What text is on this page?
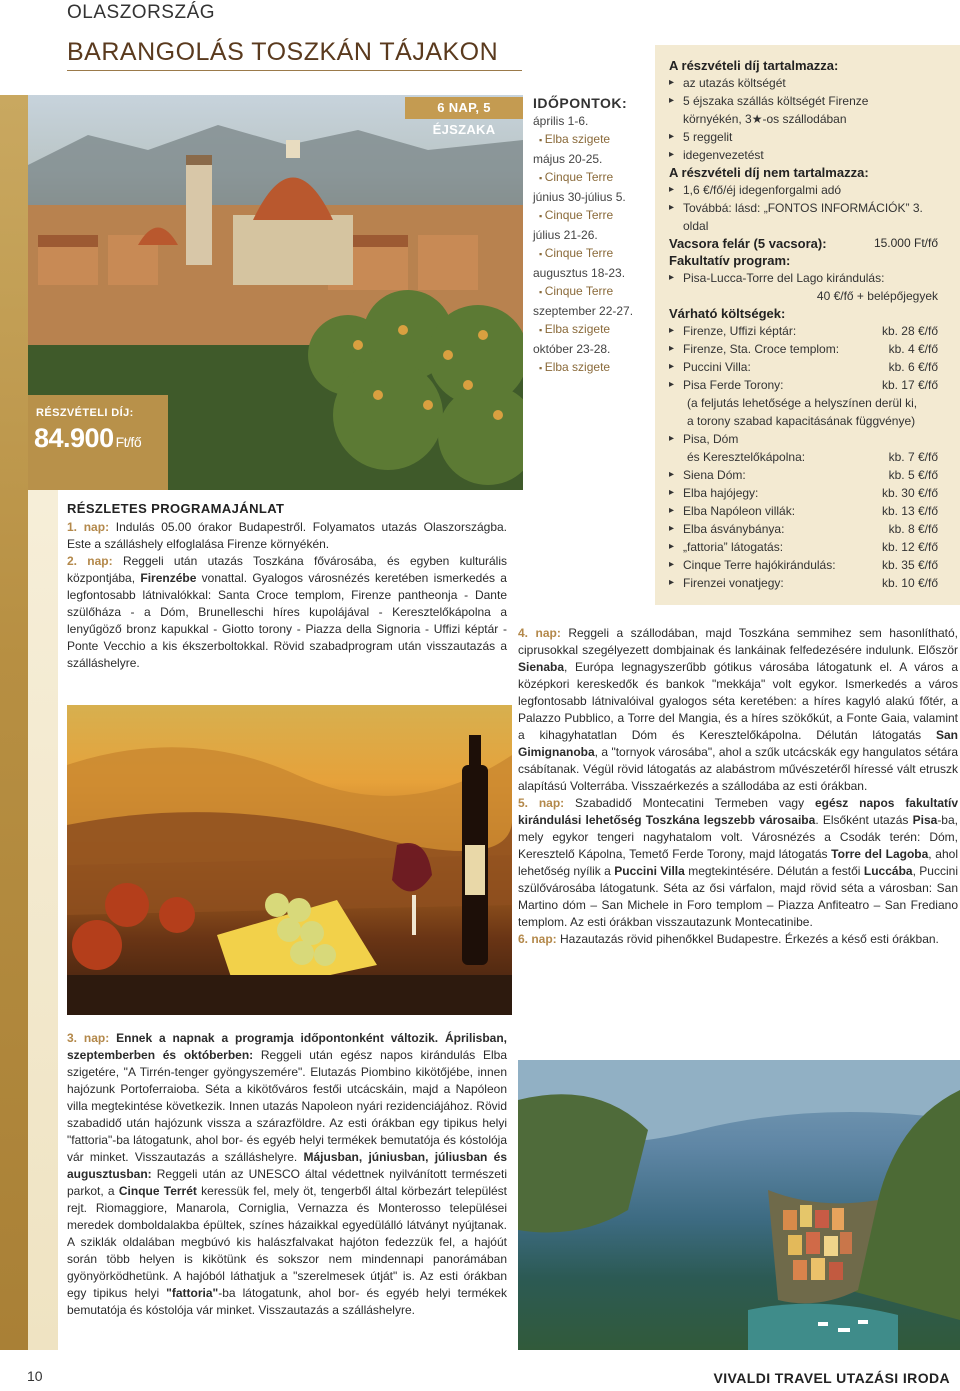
OLASZORSZÁG
BARANGOLÁS TOSZKÁN TÁJAKON
6 NAP, 5 ÉJSZAKA
RÉSZVÉTELI DÍJ:
84.900 Ft/fő
IDŐPONTOK:
április 1-6.
▪ Elba szigete
május 20-25.
▪ Cinque Terre
június 30-július 5.
▪ Cinque Terre
július 21-26.
▪ Cinque Terre
augusztus 18-23.
▪ Cinque Terre
szeptember 22-27.
▪ Elba szigete
október 23-28.
▪ Elba szigete
A részvételi díj tartalmazza:
▸ az utazás költségét
▸ 5 éjszaka szállás költségét Firenze
környékén, 3★-os szállodában
▸ 5 reggelit
▸ idegenvezetést
A részvételi díj nem tartalmazza:
▸ 1,6 €/fő/éj idegenforgalmi adó
▸ Továbbá: lásd: „FONTOS INFORMÁCIÓK” 3. oldal
Vacsora felár (5 vacsora):	15.000 Ft/fő
Fakultatív program:
▸ Pisa-Lucca-Torre del Lago kirándulás:
40 €/fő + belépőjegyek
Várható költségek:
▸ Firenze, Uffizi képtár:	kb. 28 €/fő
▸ Firenze, Sta. Croce templom:	kb. 4 €/fő
▸ Puccini Villa:	kb. 6 €/fő
▸ Pisa Ferde Torony:	kb. 17 €/fő
(a feljutás lehetősége a helyszínen derül ki,
a torony szabad kapacitásának függvénye)
▸ Pisa, Dóm
és Keresztelőkápolna:	kb. 7 €/fő
▸ Siena Dóm:	kb. 5 €/fő
▸ Elba hajójegy:	kb. 30 €/fő
▸ Elba Napóleon villák:	kb. 13 €/fő
▸ Elba ásványbánya:	kb. 8 €/fő
▸ „fattoria” látogatás:	kb. 12 €/fő
▸ Cinque Terre hajókirándulás:	kb. 35 €/fő
▸ Firenzei vonatjegy:	kb. 10 €/fő
RÉSZLETES PROGRAMAJÁNLAT

1. nap: Indulás 05.00 órakor Budapestről. Folyamatos utazás Olaszországba. Este a szálláshely elfoglalása Firenze környékén.

2. nap: Reggeli után utazás Toszkána fővárosába, és egyben kulturális központjába, Firenzébe vonattal. Gyalogos városnézés keretében ismerkedés a legfontosabb látnivalókkal: Santa Croce templom, Firenze pantheonja - Dante szülőháza - a Dóm, Brunelleschi híres kupolájával - Keresztelőkápolna a lenyűgöző bronz kapukkal - Giotto torony - Piazza della Signoria - Uffizi képtár - Ponte Vecchio a kis ékszerboltokkal. Rövid szabadprogram után visszautazás a szálláshelyre.

3. nap: Ennek a napnak a programja időpontonként változik. Áprilisban, szeptemberben és októberben: Reggeli után egész napos kirándulás Elba szigetére, "A Tirrén-tenger gyöngyszemére". Elutazás Piombino kikötőjébe, innen hajózunk Portoferraioba. Séta a kikötőváros festői utcácskáin, majd a Napóleon villa megtekintése következik. Innen utazás Napoleon nyári rezidenciájához. Rövid szabadidő után hajózunk vissza a szárazföldre. Az esti órákban egy tipikus helyi "fattoria"-ba látogatunk, ahol bor- és egyéb helyi termékek bemutatója és kóstolója vár minket. Visszautazás a szálláshelyre. Májusban, júniusban, júliusban és augusztusban: Reggeli után az UNESCO által védettnek nyilvánított természeti parkot, a Cinque Terrét keressük fel, mely öt, tengerből által körbezárt települést rejt. Riomaggiore, Manarola, Corniglia, Vernazza és Monterosso települései meredek domboldalakba épültek, színes házaikkal egyedülálló látványt nyújtanak. A sziklák oldalában megbúvó kis halászfalvakat hajóton fedezzük fel, a hajóút során több helyen is kikötünk és sokszor nem mindennapi panorámában gyönyörködhetünk. A hajóból láthatjuk a "szerelmesek útját" is. Az esti órákban egy tipikus helyi "fattoria"-ba látogatunk, ahol bor- és egyéb helyi termékek bemutatója és kóstolója vár minket. Visszautazás a szálláshelyre.

4. nap: Reggeli a szállodában, majd Toszkána semmihez sem hasonlítható, ciprusokkal szegélyezett dombjainak és lankáinak felfedezésére indulunk. Először Sienaba, Európa legnagyszerűbb gótikus városába látogatunk el. A város a középkori kereskedők és bankok "mekkája" volt egykor. Ismerkedés a város legfontosabb látnivalóival gyalogos séta keretében: a híres kagyló alakú főtér, a Palazzo Pubblico, a Torre del Mangia, és a híres szökőkút, a Fonte Gaia, valamint a kihagyhatatlan Dóm és Keresztelőkápolna. Délután látogatás San Gimignanoba, a "tornyok városába", ahol a szűk utcácskák egy hangulatos sétára csábítanak. Végül rövid látogatás az alabástrom művészetéről híressé vált etruszk alapítású Volterrába. Visszaérkezés a szállodába az esti órákban.

5. nap: Szabadidő Montecatini Termeben vagy egész napos fakultatív kirándulási lehetőség Toszkána legszebb városaiba. Elsőként utazás Pisa-ba, mely egykor tengeri nagyhatalom volt. Városnézés a Csodák terén: Dóm, Keresztelő Kápolna, Temető Ferde Torony, majd látogatás Torre del Lagoba, ahol lehetőség nyílik a Puccini Villa megtekintésére. Délután a festői Luccába, Puccini szülővárosába látogatunk. Séta az ősi várfalon, majd rövid séta a városban: San Martino dóm – San Michele in Foro templom – Piazza Anfiteatro – San Frediano templom. Az esti órákban visszautazunk Montecatinibe.

6. nap: Hazautazás rövid pihenőkkel Budapestre. Érkezés a késő esti órákban.

10	VIVALDI TRAVEL UTAZÁSI IRODA
